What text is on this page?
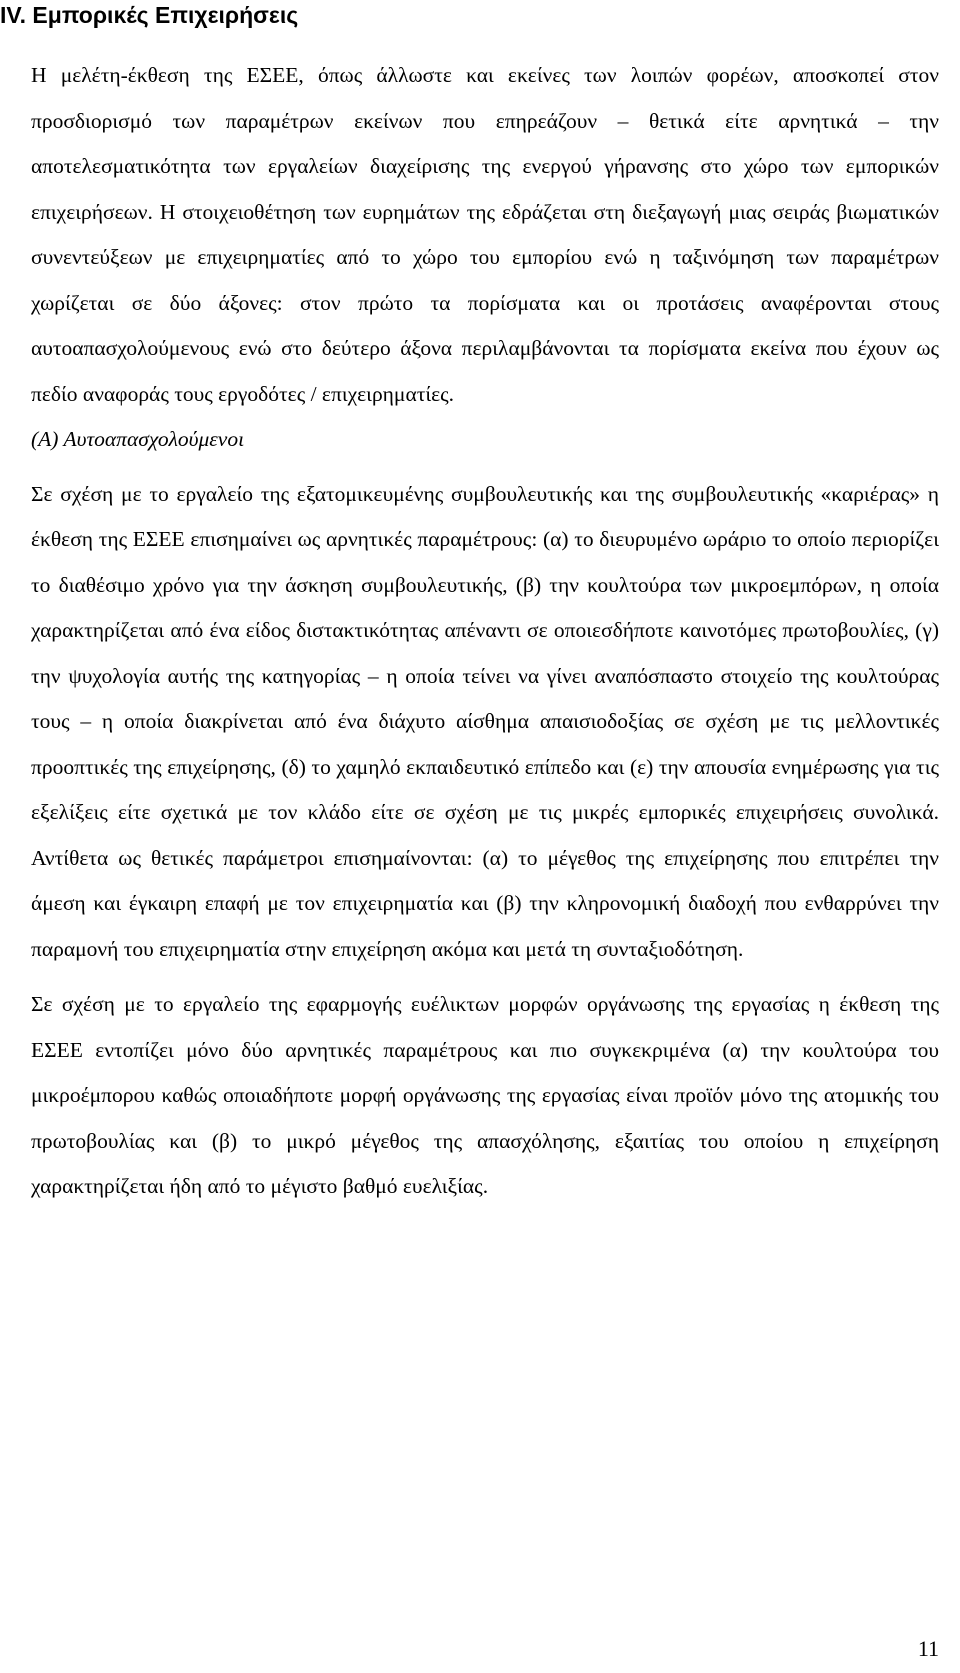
IV. Εμπορικές Επιχειρήσεις

Η μελέτη-έκθεση της ΕΣΕΕ, όπως άλλωστε και εκείνες των λοιπών φορέων, αποσκοπεί στον προσδιορισμό των παραμέτρων εκείνων που επηρεάζουν – θετικά είτε αρνητικά – την αποτελεσματικότητα των εργαλείων διαχείρισης της ενεργού γήρανσης στο χώρο των εμπορικών επιχειρήσεων. Η στοιχειοθέτηση των ευρημάτων της εδράζεται στη διεξαγωγή μιας σειράς βιωματικών συνεντεύξεων με επιχειρηματίες από το χώρο του εμπορίου ενώ η ταξινόμηση των παραμέτρων χωρίζεται σε δύο άξονες: στον πρώτο τα πορίσματα και οι προτάσεις αναφέρονται στους αυτοαπασχολούμενους ενώ στο δεύτερο άξονα περιλαμβάνονται τα πορίσματα εκείνα που έχουν ως πεδίο αναφοράς τους εργοδότες / επιχειρηματίες.

(Α) Αυτοαπασχολούμενοι

Σε σχέση με το εργαλείο της εξατομικευμένης συμβουλευτικής και της συμβουλευτικής «καριέρας» η έκθεση της ΕΣΕΕ επισημαίνει ως αρνητικές παραμέτρους: (α) το διευρυμένο ωράριο το οποίο περιορίζει το διαθέσιμο χρόνο για την άσκηση συμβουλευτικής, (β) την κουλτούρα των μικροεμπόρων, η οποία χαρακτηρίζεται από ένα είδος διστακτικότητας απέναντι σε οποιεσδήποτε καινοτόμες πρωτοβουλίες, (γ) την ψυχολογία αυτής της κατηγορίας – η οποία τείνει να γίνει αναπόσπαστο στοιχείο της κουλτούρας τους – η οποία διακρίνεται από ένα διάχυτο αίσθημα απαισιοδοξίας σε σχέση με τις μελλοντικές προοπτικές της επιχείρησης, (δ) το χαμηλό εκπαιδευτικό επίπεδο και (ε) την απουσία ενημέρωσης για τις εξελίξεις είτε σχετικά με τον κλάδο είτε σε σχέση με τις μικρές εμπορικές επιχειρήσεις συνολικά. Αντίθετα ως θετικές παράμετροι επισημαίνονται: (α) το μέγεθος της επιχείρησης που επιτρέπει την άμεση και έγκαιρη επαφή με τον επιχειρηματία και (β) την κληρονομική διαδοχή που ενθαρρύνει την παραμονή του επιχειρηματία στην επιχείρηση ακόμα και μετά τη συνταξιοδότηση.

Σε σχέση με το εργαλείο της εφαρμογής ευέλικτων μορφών οργάνωσης της εργασίας η έκθεση της ΕΣΕΕ εντοπίζει μόνο δύο αρνητικές παραμέτρους και πιο συγκεκριμένα (α) την κουλτούρα του μικροέμπορου καθώς οποιαδήποτε μορφή οργάνωσης της εργασίας είναι προϊόν μόνο της ατομικής του πρωτοβουλίας και (β) το μικρό μέγεθος της απασχόλησης, εξαιτίας του οποίου η επιχείρηση χαρακτηρίζεται ήδη από το μέγιστο βαθμό ευελιξίας.

11
